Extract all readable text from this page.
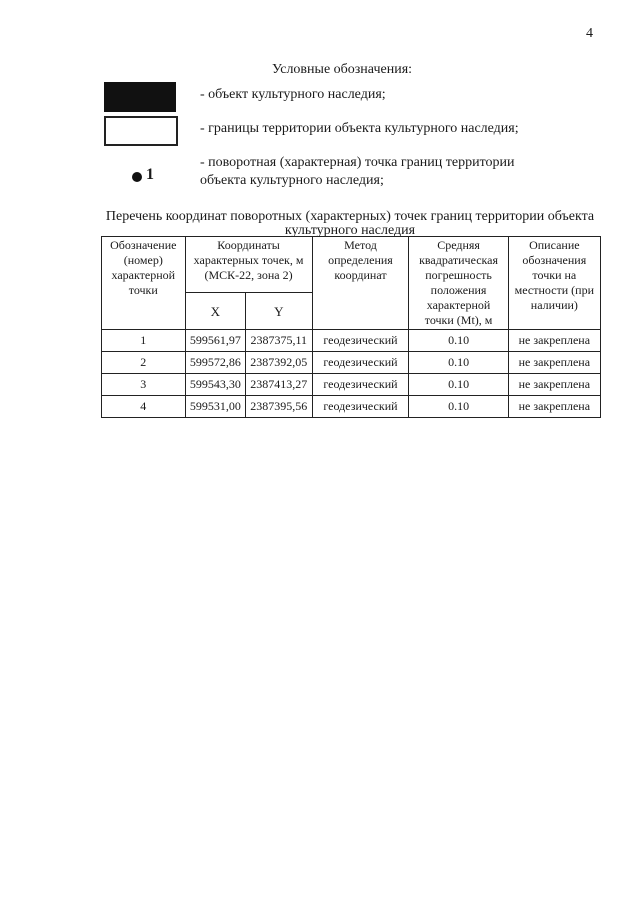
4
Условные обозначения:
- объект культурного наследия;
- границы территории объекта культурного наследия;
1
- поворотная (характерная) точка границ территории объекта культурного наследия;
Перечень координат поворотных (характерных) точек границ территории объекта культурного наследия
Обозначение (номер) характерной точки	Координаты характерных точек, м (МСК-22, зона 2)		Метод определения координат	Средняя квадратическая погрешность положения характерной точки (Mt), м	Описание обозначения точки на местности (при наличии)
	X	Y			
1	599561,97	2387375,11	геодезический	0.10	не закреплена
2	599572,86	2387392,05	геодезический	0.10	не закреплена
3	599543,30	2387413,27	геодезический	0.10	не закреплена
4	599531,00	2387395,56	геодезический	0.10	не закреплена
